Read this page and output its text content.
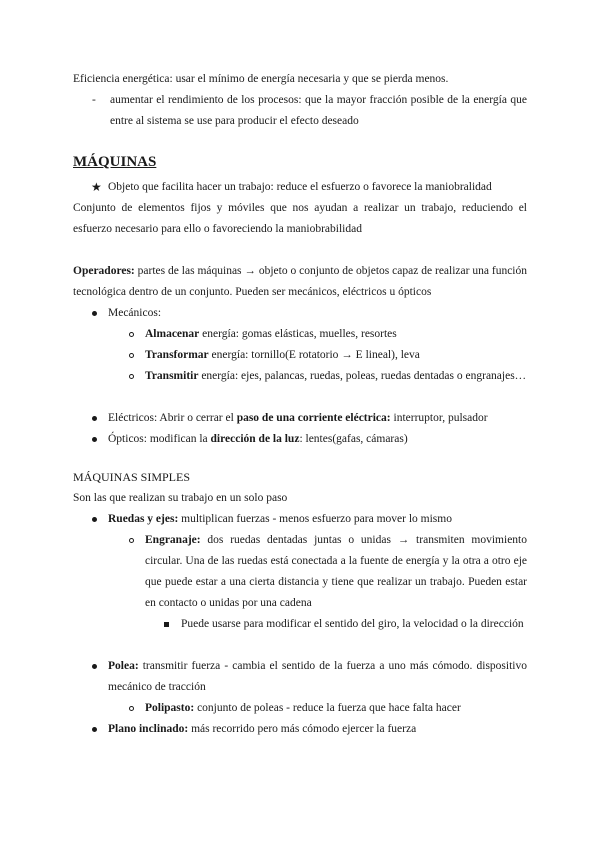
Eficiencia energética: usar el mínimo de energía necesaria y que se pierda menos.
- aumentar el rendimiento de los procesos: que la mayor fracción posible de la energía que entre al sistema se use para producir el efecto deseado
MÁQUINAS
★ Objeto que facilita hacer un trabajo: reduce el esfuerzo o favorece la maniobralidad
Conjunto de elementos fijos y móviles que nos ayudan a realizar un trabajo, reduciendo el esfuerzo necesario para ello o favoreciendo la maniobrabilidad
Operadores: partes de las máquinas → objeto o conjunto de objetos capaz de realizar una función tecnológica dentro de un conjunto. Pueden ser mecánicos, eléctricos u ópticos
Mecánicos:
Almacenar energía: gomas elásticas, muelles, resortes
Transformar energía: tornillo(E rotatorio → E lineal), leva
Transmitir energía: ejes, palancas, ruedas, poleas, ruedas dentadas o engranajes…
Eléctricos: Abrir o cerrar el paso de una corriente eléctrica: interruptor, pulsador
Ópticos: modifican la dirección de la luz: lentes(gafas, cámaras)
MÁQUINAS SIMPLES
Son las que realizan su trabajo en un solo paso
Ruedas y ejes: multiplican fuerzas - menos esfuerzo para mover lo mismo
Engranaje: dos ruedas dentadas juntas o unidas → transmiten movimiento circular. Una de las ruedas está conectada a la fuente de energía y la otra a otro eje que puede estar a una cierta distancia y tiene que realizar un trabajo. Pueden estar en contacto o unidas por una cadena
Puede usarse para modificar el sentido del giro, la velocidad o la dirección
Polea: transmitir fuerza - cambia el sentido de la fuerza a uno más cómodo. dispositivo mecánico de tracción
Polipasto: conjunto de poleas - reduce la fuerza que hace falta hacer
Plano inclinado: más recorrido pero más cómodo ejercer la fuerza
